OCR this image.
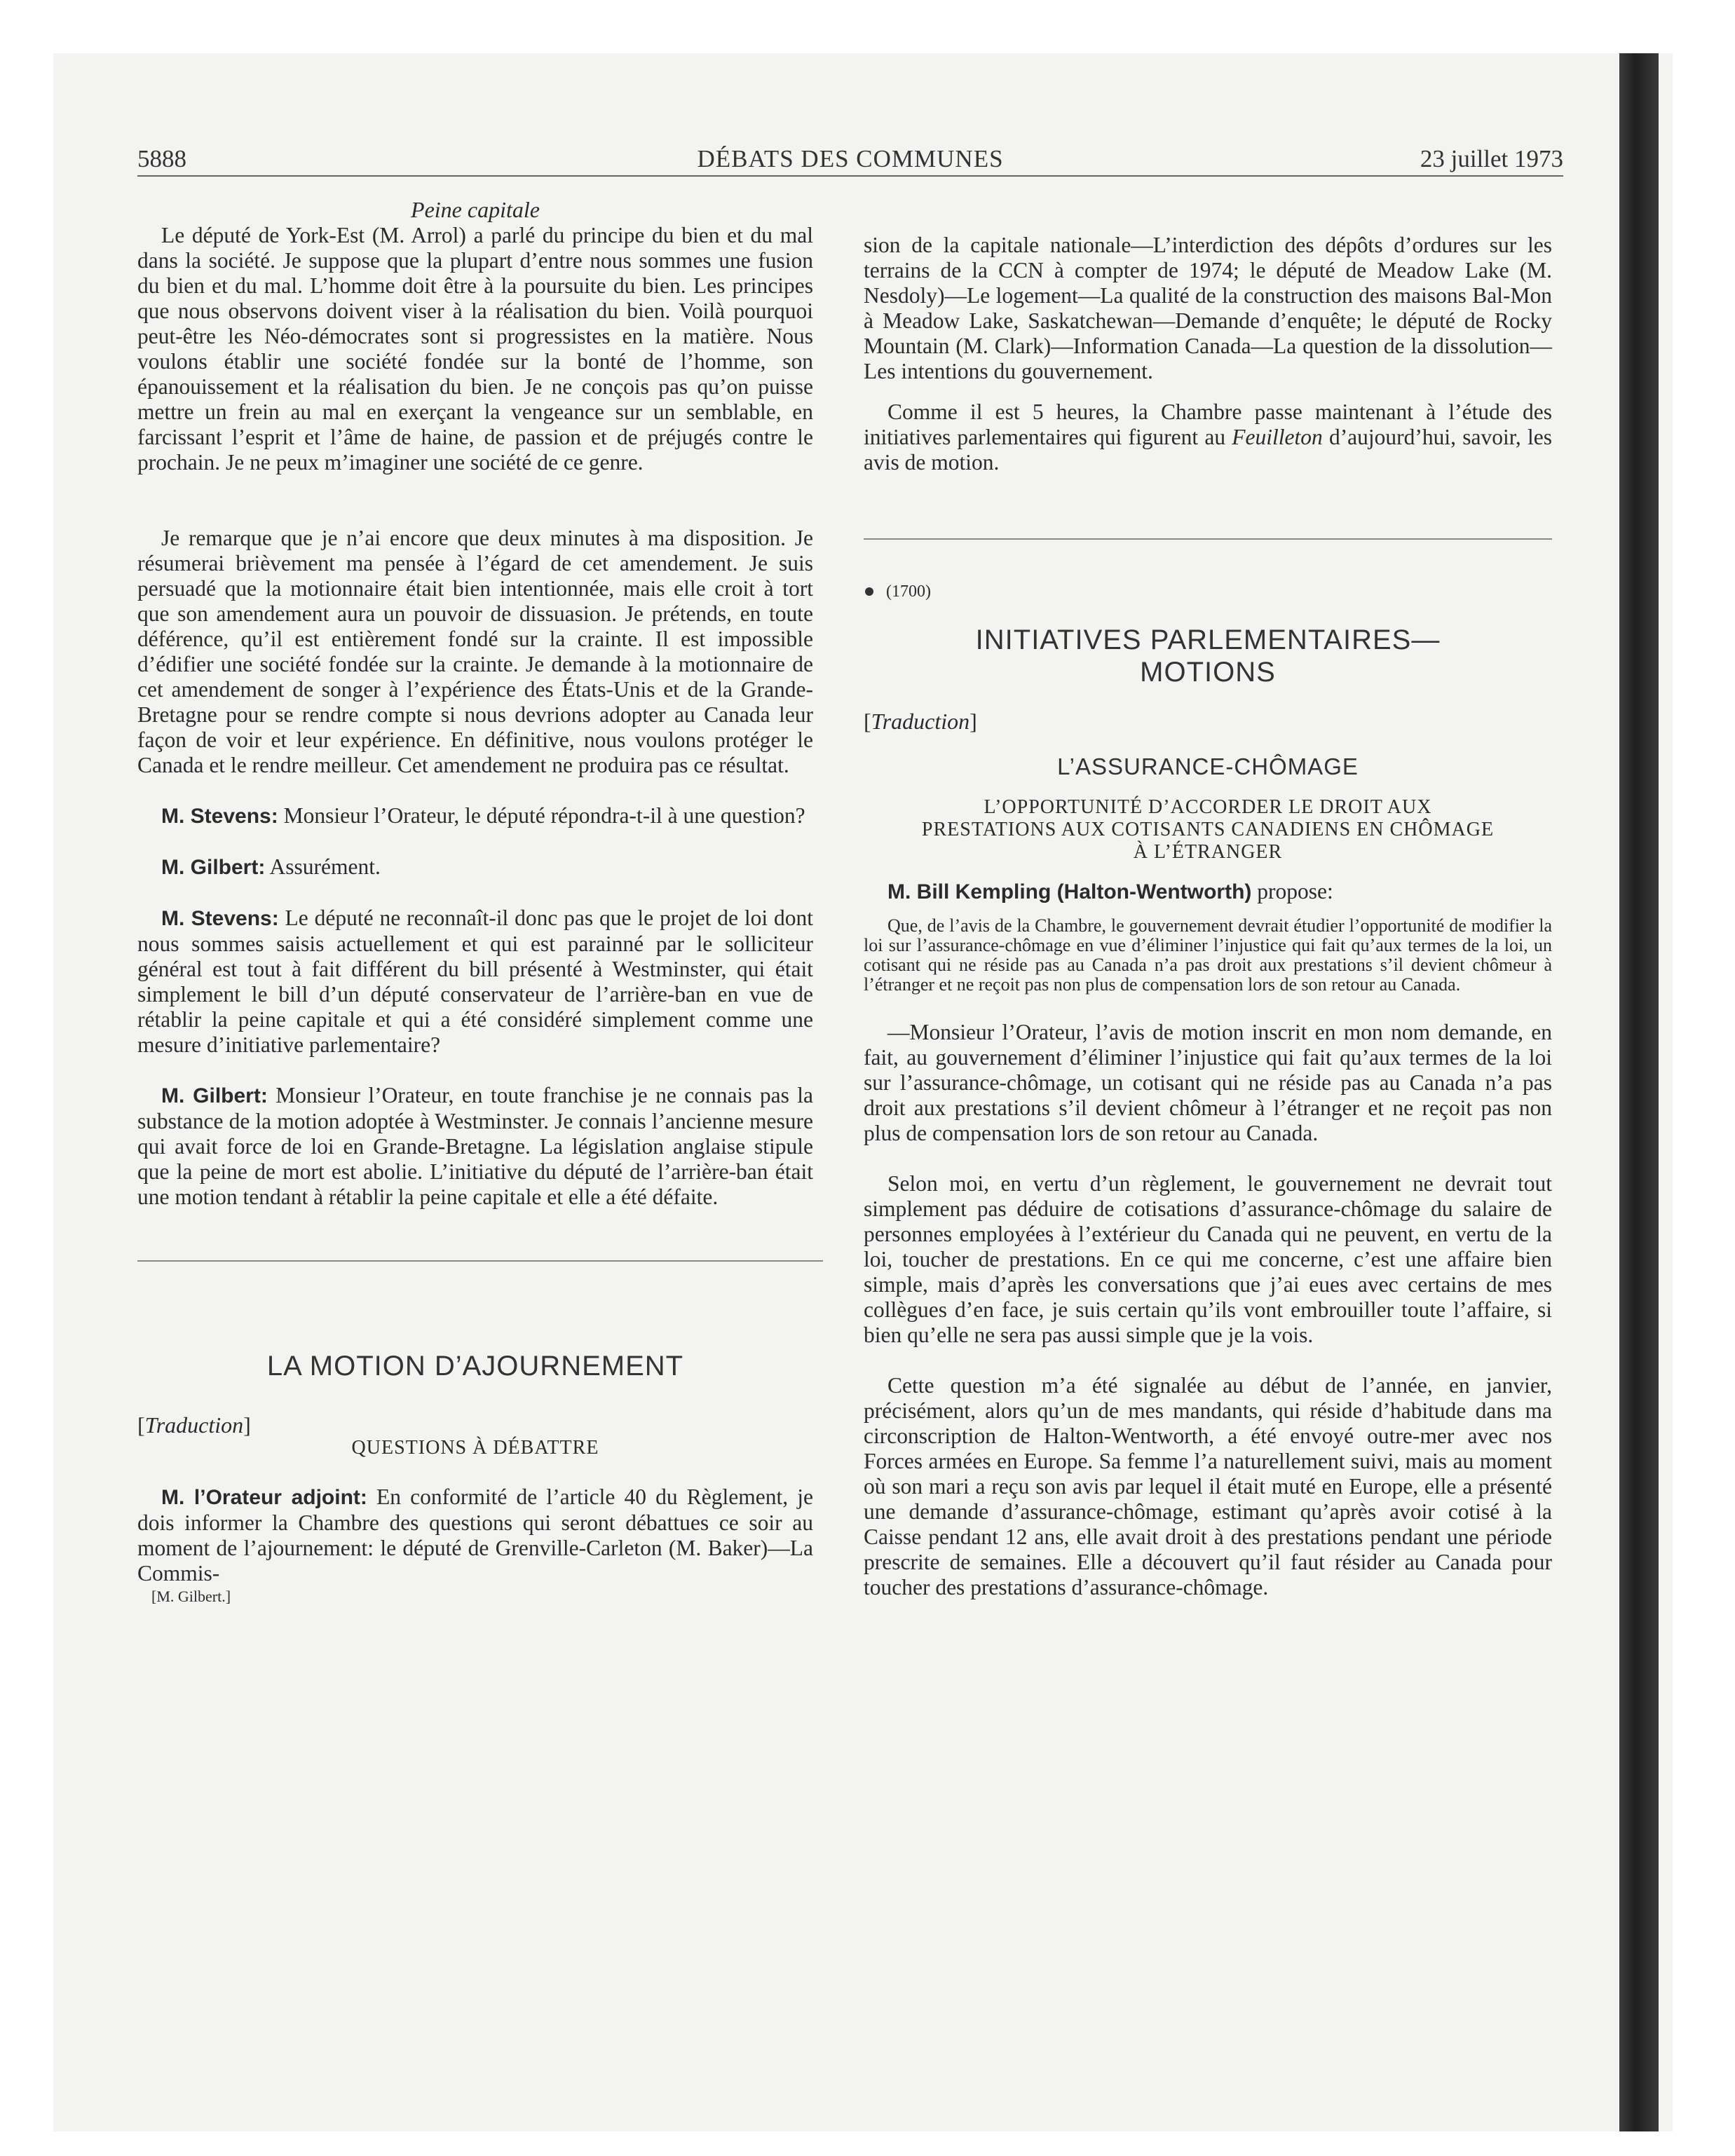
5888	DÉBATS DES COMMUNES	23 juillet 1973
Peine capitale

Le député de York-Est (M. Arrol) a parlé du principe du bien et du mal dans la société. Je suppose que la plupart d’entre nous sommes une fusion du bien et du mal. L’homme doit être à la poursuite du bien. Les principes que nous observons doivent viser à la réalisation du bien. Voilà pourquoi peut-être les Néo-démocrates sont si progressistes en la matière. Nous voulons établir une société fondée sur la bonté de l’homme, son épanouissement et la réalisation du bien. Je ne conçois pas qu’on puisse mettre un frein au mal en exerçant la vengeance sur un semblable, en farcissant l’esprit et l’âme de haine, de passion et de préjugés contre le prochain. Je ne peux m’imaginer une société de ce genre.

Je remarque que je n’ai encore que deux minutes à ma disposition. Je résumerai brièvement ma pensée à l’égard de cet amendement. Je suis persuadé que la motionnaire était bien intentionnée, mais elle croit à tort que son amendement aura un pouvoir de dissuasion. Je prétends, en toute déférence, qu’il est entièrement fondé sur la crainte. Il est impossible d’édifier une société fondée sur la crainte. Je demande à la motionnaire de cet amendement de songer à l’expérience des États-Unis et de la Grande-Bretagne pour se rendre compte si nous devrions adopter au Canada leur façon de voir et leur expérience. En définitive, nous voulons protéger le Canada et le rendre meilleur. Cet amendement ne produira pas ce résultat.

M. Stevens: Monsieur l’Orateur, le député répondra-t-il à une question?

M. Gilbert: Assurément.

M. Stevens: Le député ne reconnaît-il donc pas que le projet de loi dont nous sommes saisis actuellement et qui est parainné par le solliciteur général est tout à fait différent du bill présenté à Westminster, qui était simplement le bill d’un député conservateur de l’arrière-ban en vue de rétablir la peine capitale et qui a été considéré simplement comme une mesure d’initiative parlementaire?

M. Gilbert: Monsieur l’Orateur, en toute franchise je ne connais pas la substance de la motion adoptée à Westminster. Je connais l’ancienne mesure qui avait force de loi en Grande-Bretagne. La législation anglaise stipule que la peine de mort est abolie. L’initiative du député de l’arrière-ban était une motion tendant à rétablir la peine capitale et elle a été défaite.

LA MOTION D’AJOURNEMENT
[Traduction]
QUESTIONS À DÉBATTRE

M. l’Orateur adjoint: En conformité de l’article 40 du Règlement, je dois informer la Chambre des questions qui seront débattues ce soir au moment de l’ajournement: le député de Grenville-Carleton (M. Baker)—La Commis-

[M. Gilbert.]

sion de la capitale nationale—L’interdiction des dépôts d’ordures sur les terrains de la CCN à compter de 1974; le député de Meadow Lake (M. Nesdoly)—Le logement—La qualité de la construction des maisons Bal-Mon à Meadow Lake, Saskatchewan—Demande d’enquête; le député de Rocky Mountain (M. Clark)—Information Canada—La question de la dissolution—Les intentions du gouvernement.

Comme il est 5 heures, la Chambre passe maintenant à l’étude des initiatives parlementaires qui figurent au Feuilleton d’aujourd’hui, savoir, les avis de motion.

(1700)
INITIATIVES PARLEMENTAIRES—
MOTIONS
[Traduction]
L’ASSURANCE-CHÔMAGE
L’OPPORTUNITÉ D’ACCORDER LE DROIT AUX
PRESTATIONS AUX COTISANTS CANADIENS EN CHÔMAGE
À L’ÉTRANGER

M. Bill Kempling (Halton-Wentworth) propose:

Que, de l’avis de la Chambre, le gouvernement devrait étudier l’opportunité de modifier la loi sur l’assurance-chômage en vue d’éliminer l’injustice qui fait qu’aux termes de la loi, un cotisant qui ne réside pas au Canada n’a pas droit aux prestations s’il devient chômeur à l’étranger et ne reçoit pas non plus de compensation lors de son retour au Canada.

—Monsieur l’Orateur, l’avis de motion inscrit en mon nom demande, en fait, au gouvernement d’éliminer l’injustice qui fait qu’aux termes de la loi sur l’assurance-chômage, un cotisant qui ne réside pas au Canada n’a pas droit aux prestations s’il devient chômeur à l’étranger et ne reçoit pas non plus de compensation lors de son retour au Canada.

Selon moi, en vertu d’un règlement, le gouvernement ne devrait tout simplement pas déduire de cotisations d’assurance-chômage du salaire de personnes employées à l’extérieur du Canada qui ne peuvent, en vertu de la loi, toucher de prestations. En ce qui me concerne, c’est une affaire bien simple, mais d’après les conversations que j’ai eues avec certains de mes collègues d’en face, je suis certain qu’ils vont embrouiller toute l’affaire, si bien qu’elle ne sera pas aussi simple que je la vois.

Cette question m’a été signalée au début de l’année, en janvier, précisément, alors qu’un de mes mandants, qui réside d’habitude dans ma circonscription de Halton-Wentworth, a été envoyé outre-mer avec nos Forces armées en Europe. Sa femme l’a naturellement suivi, mais au moment où son mari a reçu son avis par lequel il était muté en Europe, elle a présenté une demande d’assurance-chômage, estimant qu’après avoir cotisé à la Caisse pendant 12 ans, elle avait droit à des prestations pendant une période prescrite de semaines. Elle a découvert qu’il faut résider au Canada pour toucher des prestations d’assurance-chômage.
